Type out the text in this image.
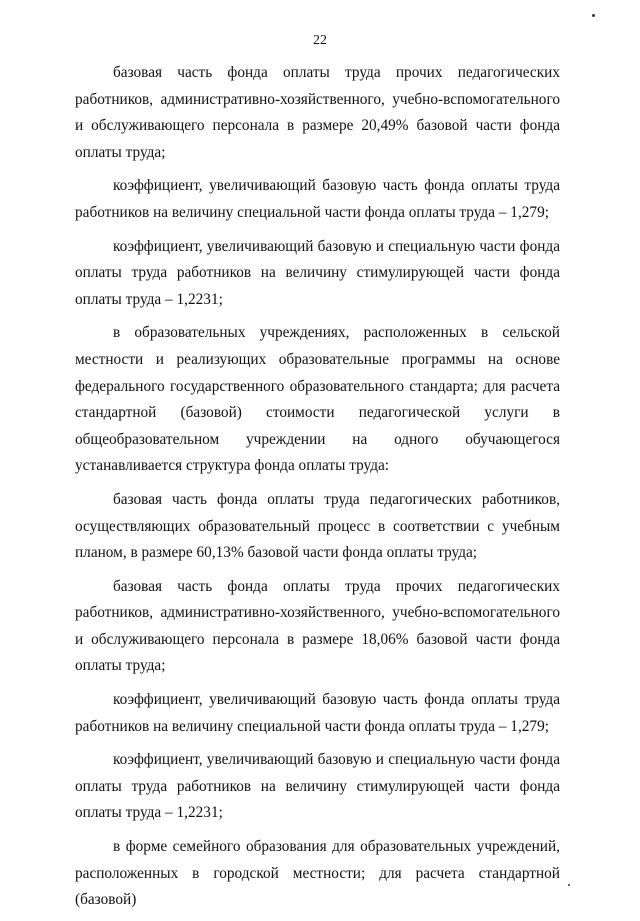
22

базовая часть фонда оплаты труда прочих педагогических работников, административно-хозяйственного, учебно-вспомогательного и обслуживающего персонала в размере 20,49% базовой части фонда оплаты труда;

коэффициент, увеличивающий базовую часть фонда оплаты труда работников на величину специальной части фонда оплаты труда – 1,279;

коэффициент, увеличивающий базовую и специальную части фонда оплаты труда работников на величину стимулирующей части фонда оплаты труда – 1,2231;

в образовательных учреждениях, расположенных в сельской местности и реализующих образовательные программы на основе федерального государственного образовательного стандарта; для расчета стандартной (базовой) стоимости педагогической услуги в общеобразовательном учреждении на одного обучающегося устанавливается структура фонда оплаты труда:

базовая часть фонда оплаты труда педагогических работников, осуществляющих образовательный процесс в соответствии с учебным планом, в размере 60,13% базовой части фонда оплаты труда;

базовая часть фонда оплаты труда прочих педагогических работников, административно-хозяйственного, учебно-вспомогательного и обслуживающего персонала в размере 18,06% базовой части фонда оплаты труда;

коэффициент, увеличивающий базовую часть фонда оплаты труда работников на величину специальной части фонда оплаты труда – 1,279;

коэффициент, увеличивающий базовую и специальную части фонда оплаты труда работников на величину стимулирующей части фонда оплаты труда – 1,2231;

в форме семейного образования для образовательных учреждений, расположенных в городской местности; для расчета стандартной (базовой)
